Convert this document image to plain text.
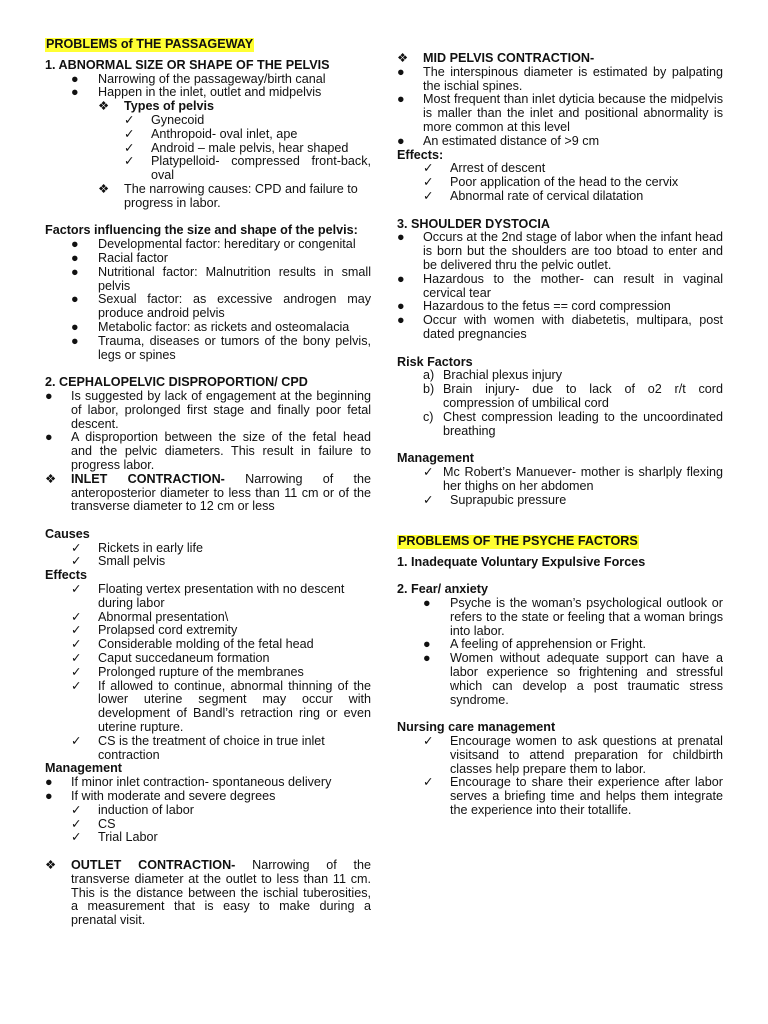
PROBLEMS of THE PASSAGEWAY

1. ABNORMAL SIZE OR SHAPE OF THE PELVIS

● Narrowing of the passageway/birth canal
● Happen in the inlet, outlet and midpelvis
❖ Types of pelvis
✓ Gynecoid
✓ Anthropoid- oval inlet, ape
✓ Android – male pelvis, hear shaped
✓ Platypelloid- compressed front-back, oval
❖ The narrowing causes: CPD and failure to progress in labor.

Factors influencing the size and shape of the pelvis:

● Developmental factor: hereditary or congenital
● Racial factor
● Nutritional factor: Malnutrition results in small pelvis
● Sexual factor: as excessive androgen may produce android pelvis
● Metabolic factor: as rickets and osteomalacia
● Trauma, diseases or tumors of the bony pelvis, legs or spines

2. CEPHALOPELVIC DISPROPORTION/ CPD

● Is suggested by lack of engagement at the beginning of labor, prolonged first stage and finally poor fetal descent.
● A disproportion between the size of the fetal head and the pelvic diameters. This result in failure to progress labor.
❖ INLET CONTRACTION- Narrowing of the anteroposterior diameter to less than 11 cm or of the transverse diameter to 12 cm or less

Causes

✓ Rickets in early life
✓ Small pelvis

Effects

✓ Floating vertex presentation with no descent during labor
✓ Abnormal presentation\
✓ Prolapsed cord extremity
✓ Considerable molding of the fetal head
✓ Caput succedaneum formation
✓ Prolonged rupture of the membranes
✓ If allowed to continue, abnormal thinning of the lower uterine segment may occur with development of Bandl’s retraction ring or even uterine rupture.
✓ CS is the treatment of choice in true inlet contraction

Management

● If minor inlet contraction- spontaneous delivery
● If with moderate and severe degrees
✓ induction of labor
✓ CS
✓ Trial Labor
❖ OUTLET CONTRACTION- Narrowing of the transverse diameter at the outlet to less than 11 cm. This is the distance between the ischial tuberosities, a measurement that is easy to make during a prenatal visit.
❖ MID PELVIS CONTRACTION-
● The interspinous diameter is estimated by palpating the ischial spines.
● Most frequent than inlet dyticia because the midpelvis is maller than the inlet and positional abnormality is more common at this level
● An estimated distance of >9 cm

Effects:

✓ Arrest of descent
✓ Poor application of the head to the cervix
✓ Abnormal rate of cervical dilatation

3. SHOULDER DYSTOCIA

● Occurs at the 2nd stage of labor when the infant head is born but the shoulders are too btoad to enter and be delivered thru the pelvic outlet.
● Hazardous to the mother- can result in vaginal cervical tear
● Hazardous to the fetus == cord compression
● Occur with women with diabetetis, multipara, post dated pregnancies

Risk Factors

a) Brachial plexus injury
b) Brain injury- due to lack of o2 r/t cord compression of umbilical cord
c) Chest compression leading to the uncoordinated breathing

Management

✓ Mc Robert’s Manuever- mother is sharlply flexing her thighs on her abdomen
✓ Suprapubic pressure

PROBLEMS OF THE PSYCHE FACTORS

1. Inadequate Voluntary Expulsive Forces

2. Fear/ anxiety

● Psyche is the woman’s psychological outlook or refers to the state or feeling that a woman brings into labor.
● A feeling of apprehension or Fright.
● Women without adequate support can have a labor experience so frightening and stressful which can develop a post traumatic stress syndrome.

Nursing care management

✓ Encourage women to ask questions at prenatal visitsand to attend preparation for childbirth classes help prepare them to labor.
✓ Encourage to share their experience after labor serves a briefing time and helps them integrate the experience into their totallife.
